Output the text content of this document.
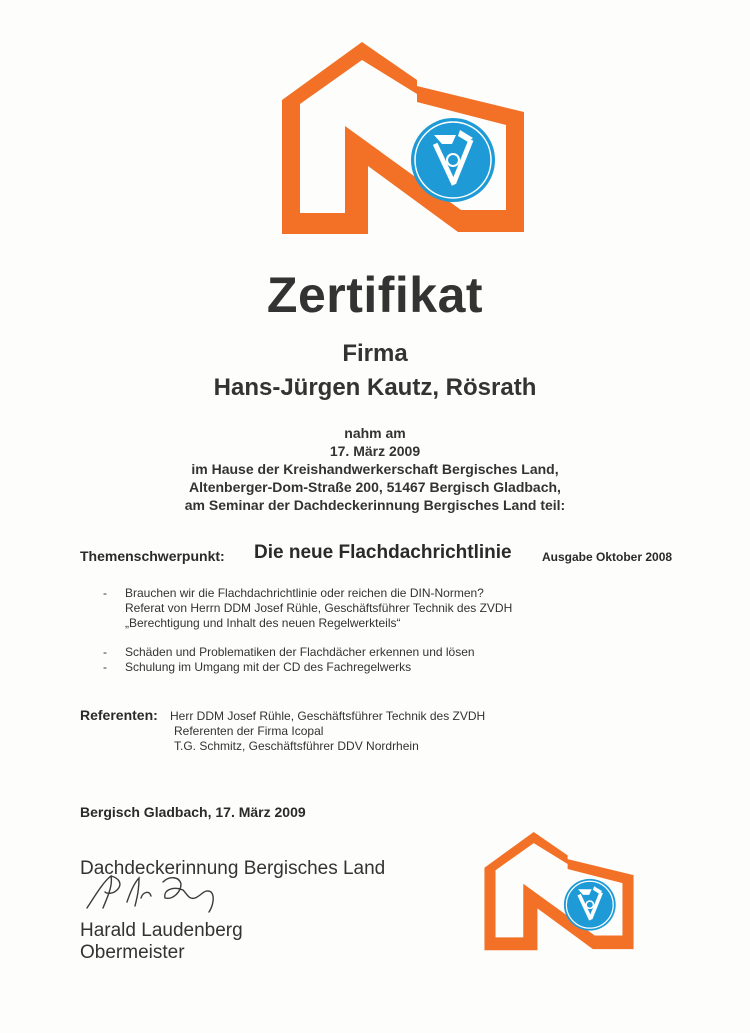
Zertifikat
Firma
Hans-Jürgen Kautz, Rösrath
nahm am
17. März 2009
im Hause der Kreishandwerkerschaft Bergisches Land,
Altenberger-Dom-Straße 200, 51467 Bergisch Gladbach,
am Seminar der Dachdeckerinnung Bergisches Land teil:
Themenschwerpunkt: Die neue Flachdachrichtlinie	Ausgabe Oktober 2008
- Brauchen wir die Flachdachrichtlinie oder reichen die DIN-Normen?
Referat von Herrn DDM Josef Rühle, Geschäftsführer Technik des ZVDH
„Berechtigung und Inhalt des neuen Regelwerkteils“
- Schäden und Problematiken der Flachdächer erkennen und lösen
- Schulung im Umgang mit der CD des Fachregelwerks
Referenten: Herr DDM Josef Rühle, Geschäftsführer Technik des ZVDH
Referenten der Firma Icopal
T.G. Schmitz, Geschäftsführer DDV Nordrhein
Bergisch Gladbach, 17. März 2009
Dachdeckerinnung Bergisches Land
Harald Laudenberg
Obermeister
